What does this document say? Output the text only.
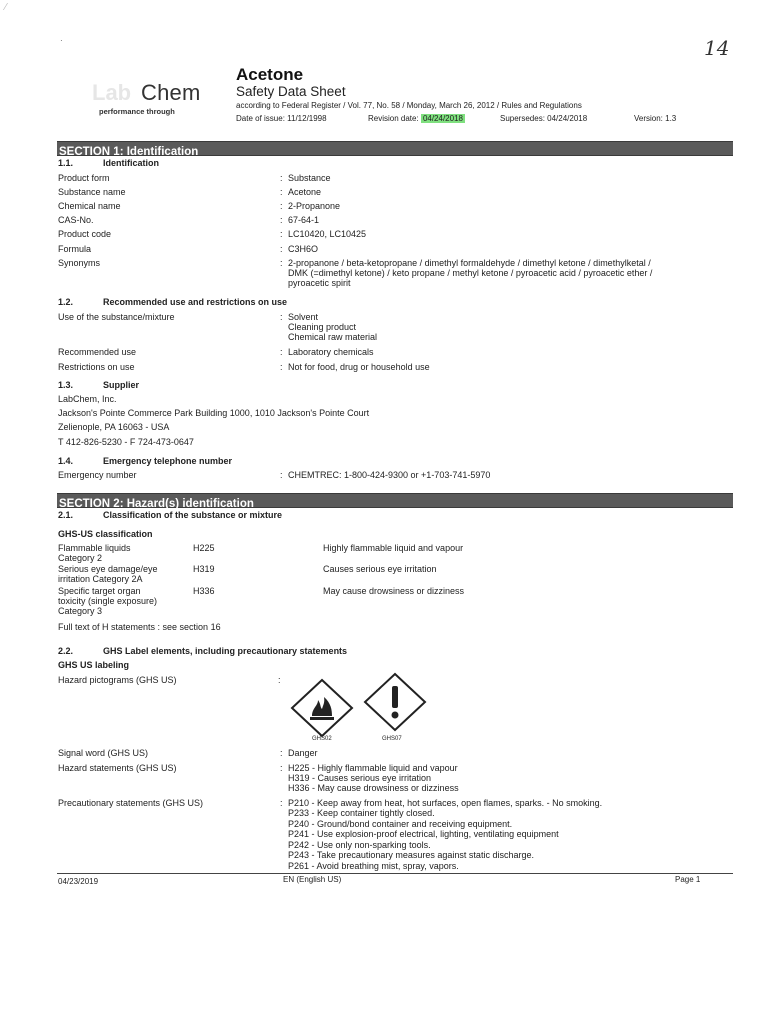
⁄
·	14
Lab Chem
performance through
Acetone
Safety Data Sheet
according to Federal Register / Vol. 77, No. 58 / Monday, March 26, 2012 / Rules and Regulations
Date of issue: 11/12/1998	Revision date: 04/24/2018	Supersedes: 04/24/2018	Version: 1.3
SECTION 1: Identification
1.1.	Identification
Product form	: Substance
Substance name	: Acetone
Chemical name	: 2-Propanone
CAS-No.	: 67-64-1
Product code	: LC10420, LC10425
Formula	: C3H6O
Synonyms	: 2-propanone / beta-ketopropane / dimethyl formaldehyde / dimethyl ketone / dimethylketal /
DMK (=dimethyl ketone) / keto propane / methyl ketone / pyroacetic acid / pyroacetic ether /
pyroacetic spirit
1.2.	Recommended use and restrictions on use
Use of the substance/mixture	: Solvent
Cleaning product
Chemical raw material
Recommended use	: Laboratory chemicals
Restrictions on use	: Not for food, drug or household use
1.3.	Supplier
LabChem, Inc.
Jackson's Pointe Commerce Park Building 1000, 1010 Jackson's Pointe Court
Zelienople, PA 16063 - USA
T 412-826-5230 - F 724-473-0647
1.4.	Emergency telephone number
Emergency number	: CHEMTREC: 1-800-424-9300 or +1-703-741-5970
SECTION 2: Hazard(s) identification
2.1.	Classification of the substance or mixture
GHS-US classification
Flammable liquids
Category 2
H225	Highly flammable liquid and vapour
Serious eye damage/eye
irritation Category 2A
H319	Causes serious eye irritation
Specific target organ
toxicity (single exposure)
Category 3
H336	May cause drowsiness or dizziness
Full text of H statements : see section 16
2.2.	GHS Label elements, including precautionary statements
GHS US labeling
Hazard pictograms (GHS US)	:
GHS02	GHS07
Signal word (GHS US)	: Danger
Hazard statements (GHS US)	: H225 - Highly flammable liquid and vapour
H319 - Causes serious eye irritation
H336 - May cause drowsiness or dizziness
Precautionary statements (GHS US)	: P210 - Keep away from heat, hot surfaces, open flames, sparks. - No smoking.
P233 - Keep container tightly closed.
P240 - Ground/bond container and receiving equipment.
P241 - Use explosion-proof electrical, lighting, ventilating equipment
P242 - Use only non-sparking tools.
P243 - Take precautionary measures against static discharge.
P261 - Avoid breathing mist, spray, vapors.
04/23/2019	EN (English US)	Page 1
